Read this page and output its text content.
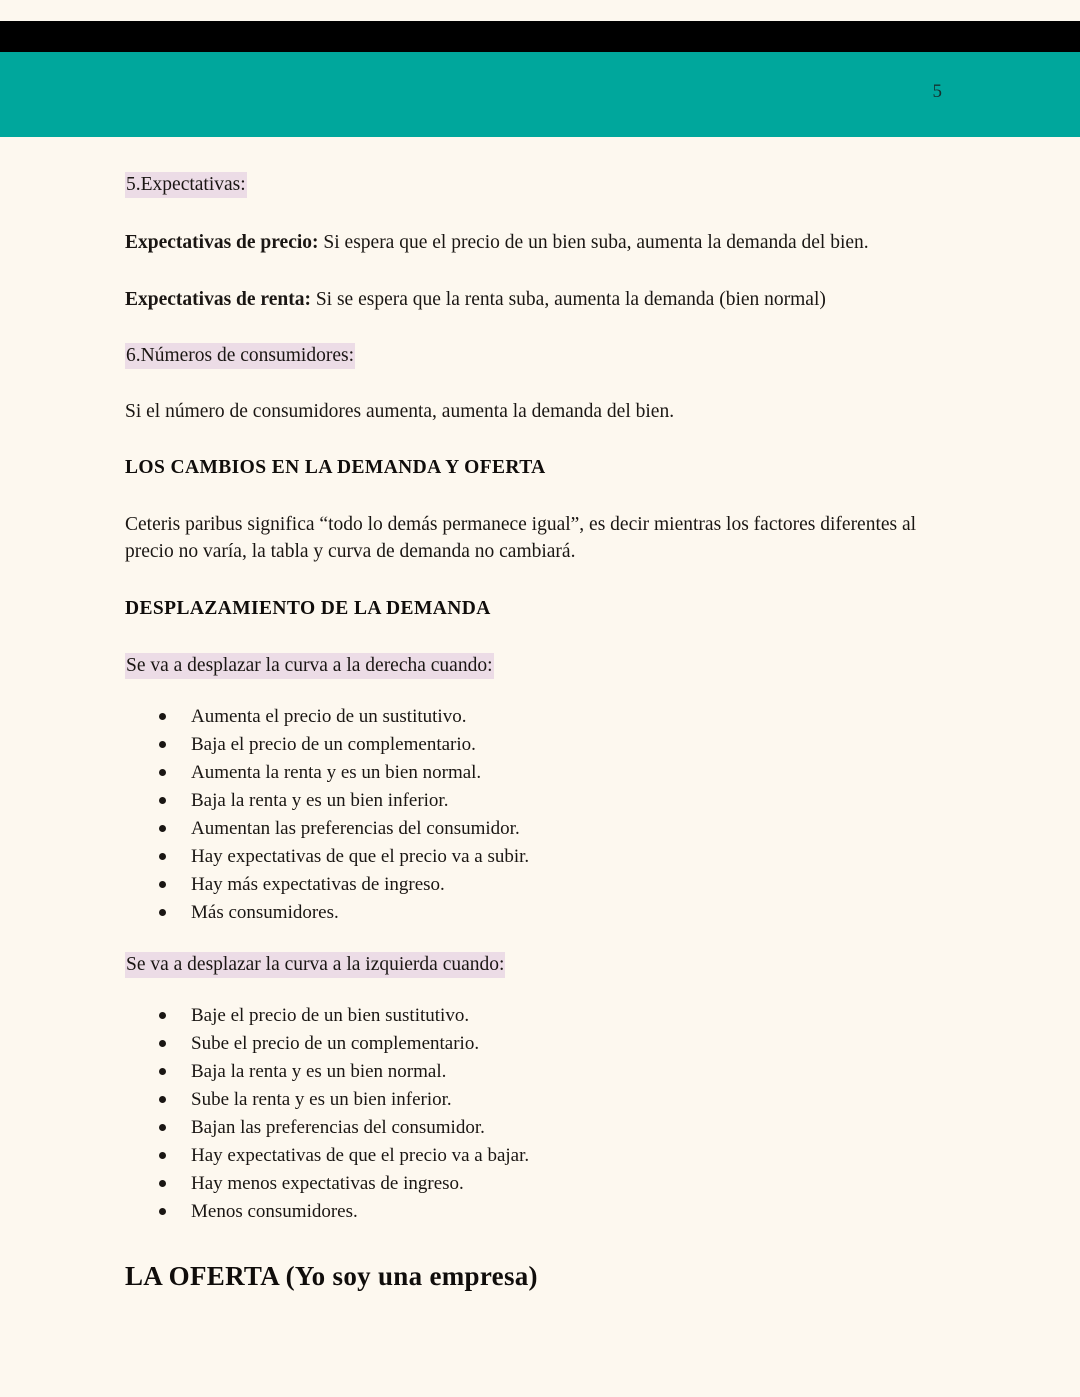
5
5.Expectativas:

Expectativas de precio: Si espera que el precio de un bien suba, aumenta la demanda del bien.

Expectativas de renta: Si se espera que la renta suba, aumenta la demanda (bien normal)

6.Números de consumidores:

Si el número de consumidores aumenta, aumenta la demanda del bien.

LOS CAMBIOS EN LA DEMANDA Y OFERTA

Ceteris paribus significa “todo lo demás permanece igual”, es decir mientras los factores diferentes al precio no varía, la tabla y curva de demanda no cambiará.

DESPLAZAMIENTO DE LA DEMANDA

Se va a desplazar la curva a la derecha cuando:
Aumenta el precio de un sustitutivo.
Baja el precio de un complementario.
Aumenta la renta y es un bien normal.
Baja la renta y es un bien inferior.
Aumentan las preferencias del consumidor.
Hay expectativas de que el precio va a subir.
Hay más expectativas de ingreso.
Más consumidores.
Se va a desplazar la curva a la izquierda cuando:
Baje el precio de un bien sustitutivo.
Sube el precio de un complementario.
Baja la renta y es un bien normal.
Sube la renta y es un bien inferior.
Bajan las preferencias del consumidor.
Hay expectativas de que el precio va a bajar.
Hay menos expectativas de ingreso.
Menos consumidores.

LA OFERTA (Yo soy una empresa)
